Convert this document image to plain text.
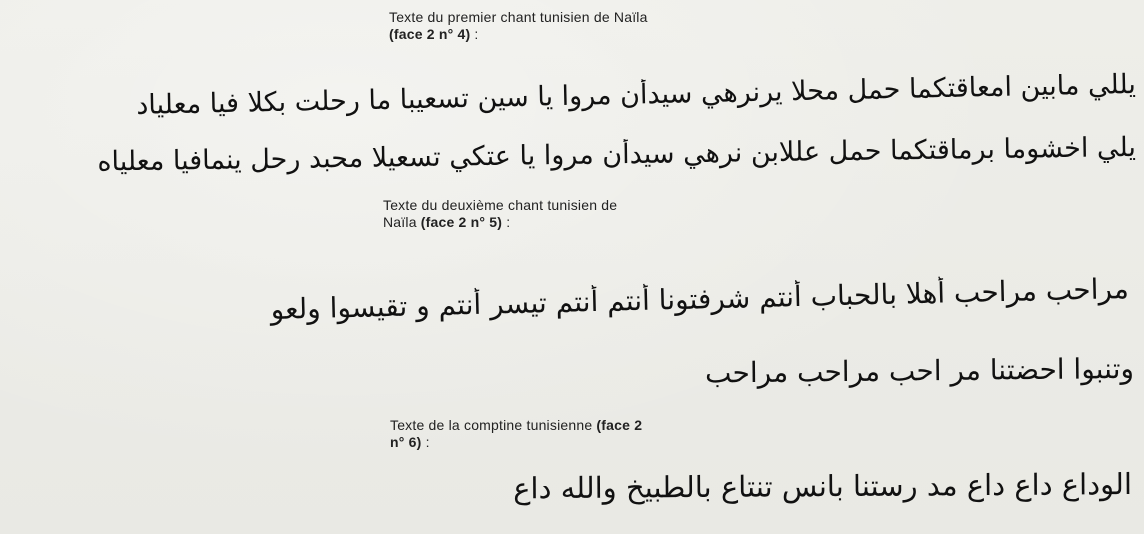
Texte du premier chant tunisien de Naïla
(face 2 n° 4) :
يللي مابين امعاقتكما حمل محلا يرنرهي سيدأن مروا يا سين تسعيبا ما رحلت بكلا فيا معلياد
يلي اخشوما برماقتكما حمل عللابن نرهي سيدأن مروا يا عتكي تسعيلا محبد رحل ينمافيا معلياه
Texte du deuxième chant tunisien de
Naïla (face 2 n° 5) :
مراحب مراحب أهلا بالحباب أنتم شرفتونا أنتم أنتم تيسر أنتم و تقيسوا ولعو
وتنبوا احضتنا مر احب مراحب مراحب
Texte de la comptine tunisienne (face 2
n° 6) :
الوداع داع داع مد رستنا بانس تنتاع بالطبيخ والله داع
